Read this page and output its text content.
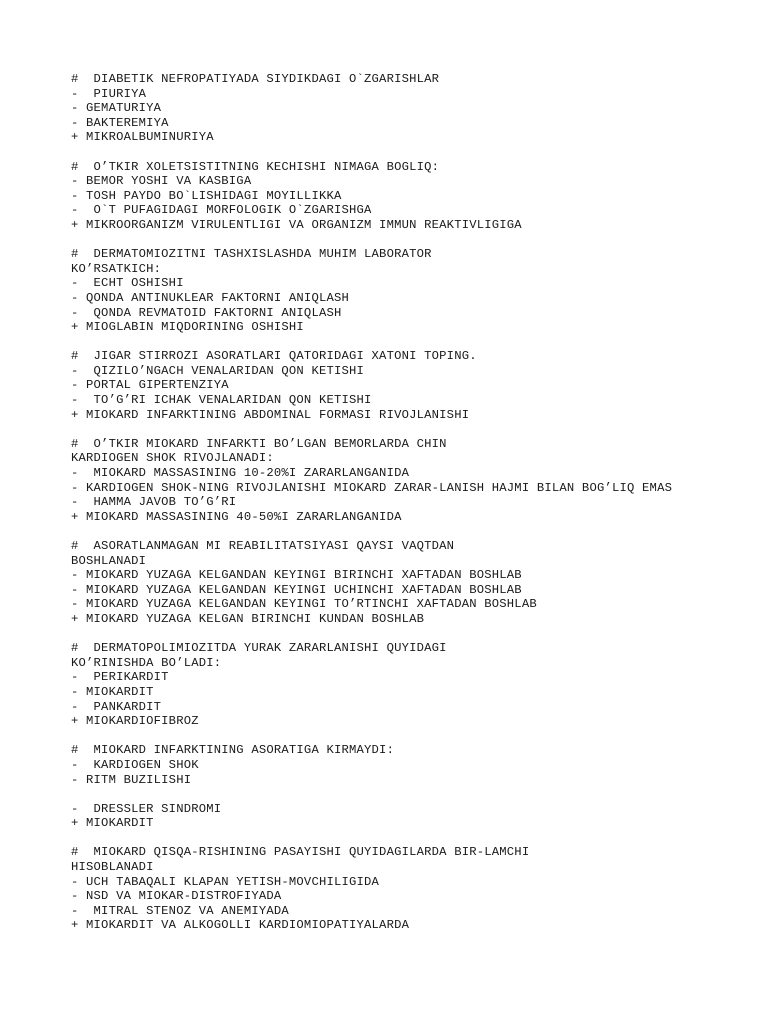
#  DIABETIK NEFROPATIYADA SIYDIKDAGI O`ZGARISHLAR
-  PIURIYA
- GEMATURIYA
- BAKTEREMIYA
+ MIKROALBUMINURIYA
#  O’TKIR XOLETSISTITNING KECHISHI NIMAGA BOGLIQ:
- BEMOR YOSHI VA KASBIGA
- TOSH PAYDO BO`LISHIDAGI MOYILLIKKA
-  O`T PUFAGIDAGI MORFOLOGIK O`ZGARISHGA
+ MIKROORGANIZM VIRULENTLIGI VA ORGANIZM IMMUN REAKTIVLIGIGA
#  DERMATOMIOZITNI TASHXISLASHDA MUHIM LABORATOR
KO’RSATKICH:
-  ECHT OSHISHI
- QONDA ANTINUKLEAR FAKTORNI ANIQLASH
-  QONDA REVMATOID FAKTORNI ANIQLASH
+ MIOGLABIN MIQDORINING OSHISHI
#  JIGAR STIRROZI ASORATLARI QATORIDAGI XATONI TOPING.
-  QIZILO’NGACH VENALARIDAN QON KETISHI
- PORTAL GIPERTENZIYA
-  TO’G’RI ICHAK VENALARIDAN QON KETISHI
+ MIOKARD INFARKTINING ABDOMINAL FORMASI RIVOJLANISHI
#  O’TKIR MIOKARD INFARKTI BO’LGAN BEMORLARDA CHIN
KARDIOGEN SHOK RIVOJLANADI:
-  MIOKARD MASSASINING 10-20%I ZARARLANGANIDA
- KARDIOGEN SHOK-NING RIVOJLANISHI MIOKARD ZARAR-LANISH HAJMI BILAN BOG’LIQ EMAS
-  HAMMA JAVOB TO’G’RI
+ MIOKARD MASSASINING 40-50%I ZARARLANGANIDA
#  ASORATLANMAGAN MI REABILITATSIYASI QAYSI VAQTDAN
BOSHLANADI
- MIOKARD YUZAGA KELGANDAN KEYINGI BIRINCHI XAFTADAN BOSHLAB
- MIOKARD YUZAGA KELGANDAN KEYINGI UCHINCHI XAFTADAN BOSHLAB
- MIOKARD YUZAGA KELGANDAN KEYINGI TO’RTINCHI XAFTADAN BOSHLAB
+ MIOKARD YUZAGA KELGAN BIRINCHI KUNDAN BOSHLAB
#  DERMATOPOLIMIOZITDA YURAK ZARARLANISHI QUYIDAGI
KO’RINISHDA BO’LADI:
-  PERIKARDIT
- MIOKARDIT
-  PANKARDIT
+ MIOKARDIOFIBROZ
#  MIOKARD INFARKTINING ASORATIGA KIRMAYDI:
-  KARDIOGEN SHOK
- RITM BUZILISHI
-  DRESSLER SINDROMI
+ MIOKARDIT
#  MIOKARD QISQA-RISHINING PASAYISHI QUYIDAGILARDA BIR-LAMCHI
HISOBLANADI
- UCH TABAQALI KLAPAN YETISH-MOVCHILIGIDA
- NSD VA MIOKAR-DISTROFIYADA
-  MITRAL STENOZ VA ANEMIYADA
+ MIOKARDIT VA ALKOGOLLI KARDIOMIOPATIYALARDA
